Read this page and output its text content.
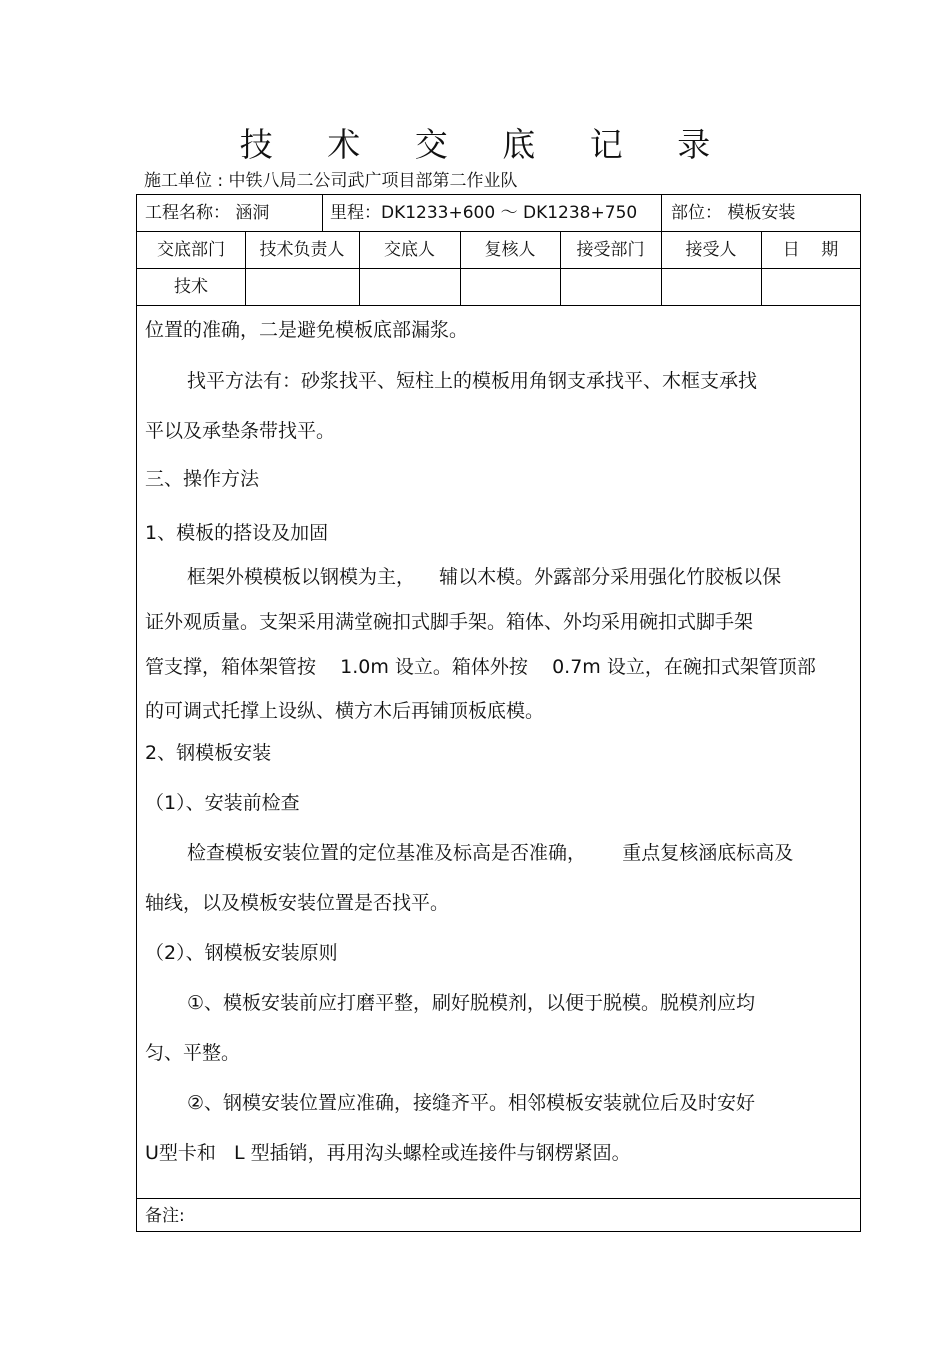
技 术 交 底 记 录
施工单位 : 中铁八局二公司武广项目部第二作业队
工程名称： 涵洞	里程：DK1233+600 ～ DK1238+750 部位： 模板安装
交底部门	技术负责人	交底人	复核人	接受部门	接受人	日    期
技术
位置的准确，二是避免模板底部漏浆。
找平方法有：砂浆找平、短柱上的模板用角钢支承找平、木框支承找
平以及承垫条带找平。
三、操作方法
1、模板的搭设及加固
框架外模模板以钢模为主，    辅以木模。外露部分采用强化竹胶板以保
证外观质量。支架采用满堂碗扣式脚手架。箱体、外均采用碗扣式脚手架
管支撑，箱体架管按    1.0m 设立。箱体外按    0.7m 设立，在碗扣式架管顶部
的可调式托撑上设纵、横方木后再铺顶板底模。
2、钢模板安装
（1）、安装前检查
检查模板安装位置的定位基准及标高是否准确，      重点复核涵底标高及
轴线，以及模板安装位置是否找平。
（2）、钢模板安装原则
①、模板安装前应打磨平整，刷好脱模剂，以便于脱模。脱模剂应均
匀、平整。
②、钢模安装位置应准确，接缝齐平。相邻模板安装就位后及时安好
U型卡和   L 型插销，再用沟头螺栓或连接件与钢楞紧固。
备注:
